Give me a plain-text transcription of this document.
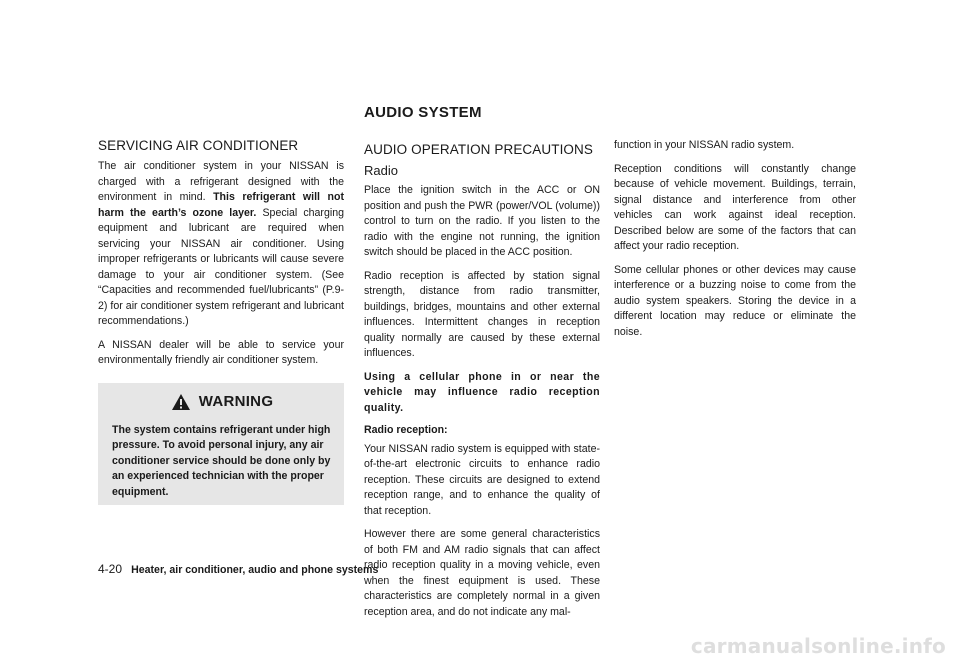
AUDIO SYSTEM
SERVICING AIR CONDITIONER

The air conditioner system in your NISSAN is charged with a refrigerant designed with the environment in mind. This refrigerant will not harm the earth’s ozone layer. Special charging equipment and lubricant are required when servicing your NISSAN air conditioner. Using improper refrigerants or lubricants will cause severe damage to your air conditioner system. (See “Capacities and recommended fuel/lubricants” (P.9-2) for air conditioner system refrigerant and lubricant recommendations.)

A NISSAN dealer will be able to service your environmentally friendly air conditioner system.

WARNING
The system contains refrigerant under high pressure. To avoid personal injury, any air conditioner service should be done only by an experienced technician with the proper equipment.
AUDIO OPERATION PRECAUTIONS
Radio

Place the ignition switch in the ACC or ON position and push the PWR (power/VOL (volume)) control to turn on the radio. If you listen to the radio with the engine not running, the ignition switch should be placed in the ACC position.

Radio reception is affected by station signal strength, distance from radio transmitter, buildings, bridges, mountains and other external influences. Intermittent changes in reception quality normally are caused by these external influences.

Using a cellular phone in or near the vehicle may influence radio reception quality.

Radio reception:

Your NISSAN radio system is equipped with state-of-the-art electronic circuits to enhance radio reception. These circuits are designed to extend reception range, and to enhance the quality of that reception.

However there are some general characteristics of both FM and AM radio signals that can affect radio reception quality in a moving vehicle, even when the finest equipment is used. These characteristics are completely normal in a given reception area, and do not indicate any mal-

function in your NISSAN radio system.

Reception conditions will constantly change because of vehicle movement. Buildings, terrain, signal distance and interference from other vehicles can work against ideal reception. Described below are some of the factors that can affect your radio reception.

Some cellular phones or other devices may cause interference or a buzzing noise to come from the audio system speakers. Storing the device in a different location may reduce or eliminate the noise.

4-20 Heater, air conditioner, audio and phone systems
carmanualsonline.info
